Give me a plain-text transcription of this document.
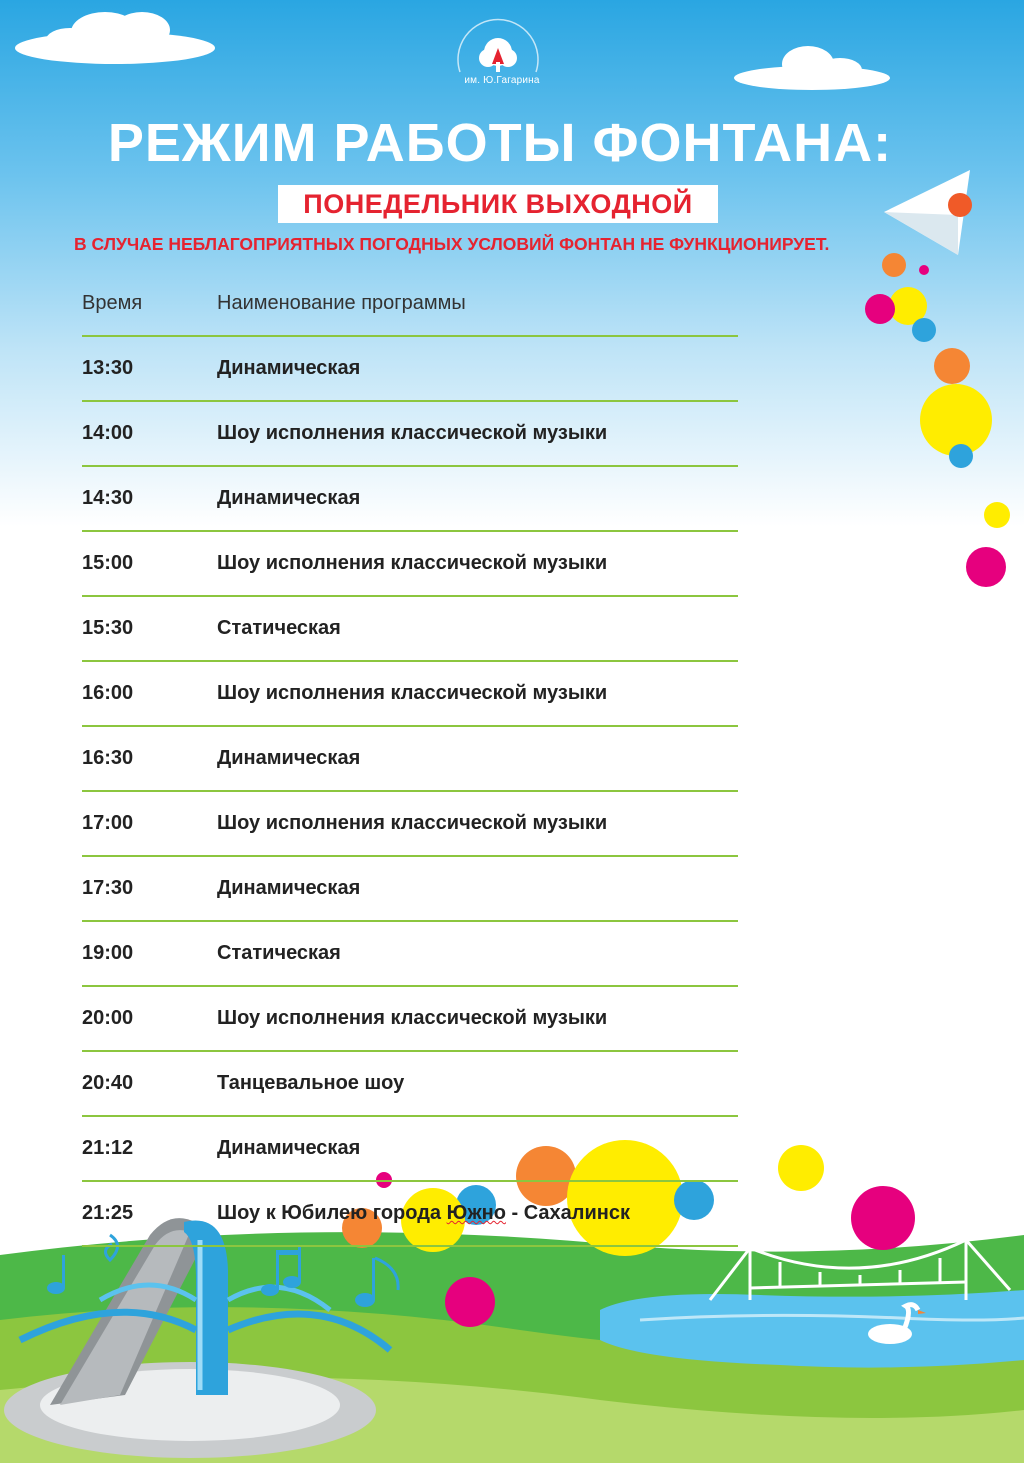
им. Ю.Гагарина
РЕЖИМ РАБОТЫ ФОНТАНА:
ПОНЕДЕЛЬНИК ВЫХОДНОЙ
В СЛУЧАЕ НЕБЛАГОПРИЯТНЫХ ПОГОДНЫХ УСЛОВИЙ ФОНТАН НЕ ФУНКЦИОНИРУЕТ.
Время	Наименование программы
13:30	Динамическая
14:00	Шоу исполнения классической музыки
14:30	Динамическая
15:00	Шоу исполнения классической музыки
15:30	Статическая
16:00	Шоу исполнения классической музыки
16:30	Динамическая
17:00	Шоу исполнения классической музыки
17:30	Динамическая
19:00	Статическая
20:00	Шоу исполнения классической музыки
20:40	Танцевальное шоу
21:12	Динамическая
21:25	Шоу к Юбилею города Южно - Сахалинск
